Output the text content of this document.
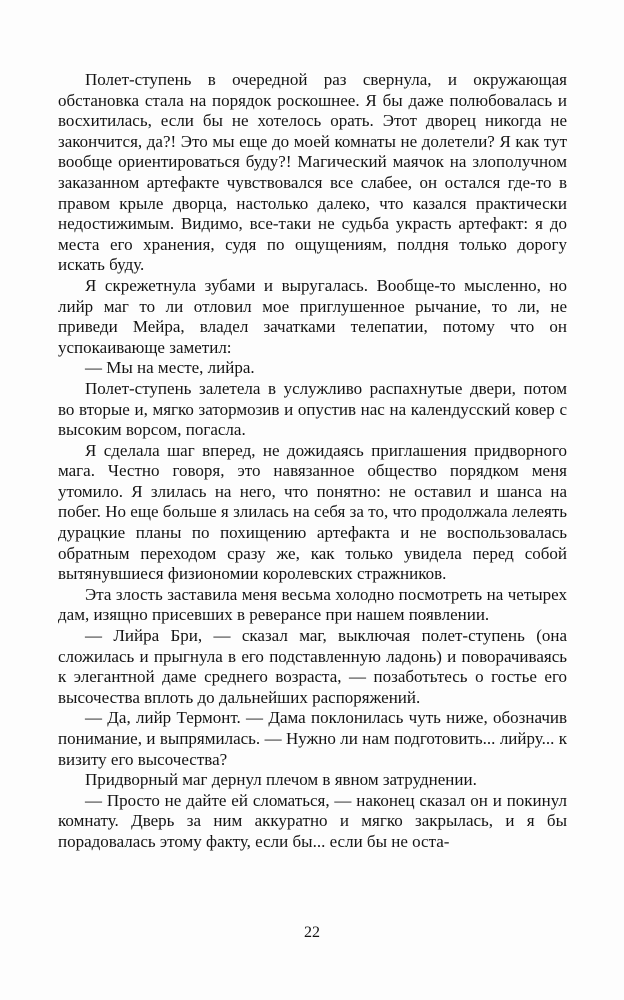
Полет-ступень в очередной раз свернула, и окружающая обстановка стала на порядок роскошнее. Я бы даже полюбовалась и восхитилась, если бы не хотелось орать. Этот дворец никогда не закончится, да?! Это мы еще до моей комнаты не долетели? Я как тут вообще ориентироваться буду?! Магический маячок на злополучном заказанном артефакте чувствовался все слабее, он остался где-то в правом крыле дворца, настолько далеко, что казался практически недостижимым. Видимо, все-таки не судьба украсть артефакт: я до места его хранения, судя по ощущениям, полдня только дорогу искать буду.

Я скрежетнула зубами и выругалась. Вообще-то мысленно, но лийр маг то ли отловил мое приглушенное рычание, то ли, не приведи Мейра, владел зачатками телепатии, потому что он успокаивающе заметил:

— Мы на месте, лийра.

Полет-ступень залетела в услужливо распахнутые двери, потом во вторые и, мягко затормозив и опустив нас на календусский ковер с высоким ворсом, погасла.

Я сделала шаг вперед, не дожидаясь приглашения придворного мага. Честно говоря, это навязанное общество порядком меня утомило. Я злилась на него, что понятно: не оставил и шанса на побег. Но еще больше я злилась на себя за то, что продолжала лелеять дурацкие планы по похищению артефакта и не воспользовалась обратным переходом сразу же, как только увидела перед собой вытянувшиеся физиономии королевских стражников.

Эта злость заставила меня весьма холодно посмотреть на четырех дам, изящно присевших в реверансе при нашем появлении.

— Лийра Бри, — сказал маг, выключая полет-ступень (она сложилась и прыгнула в его подставленную ладонь) и поворачиваясь к элегантной даме среднего возраста, — позаботьтесь о гостье его высочества вплоть до дальнейших распоряжений.

— Да, лийр Термонт. — Дама поклонилась чуть ниже, обозначив понимание, и выпрямилась. — Нужно ли нам подготовить... лийру... к визиту его высочества?

Придворный маг дернул плечом в явном затруднении.

— Просто не дайте ей сломаться, — наконец сказал он и покинул комнату. Дверь за ним аккуратно и мягко закрылась, и я бы порадовалась этому факту, если бы... если бы не оста-

22
